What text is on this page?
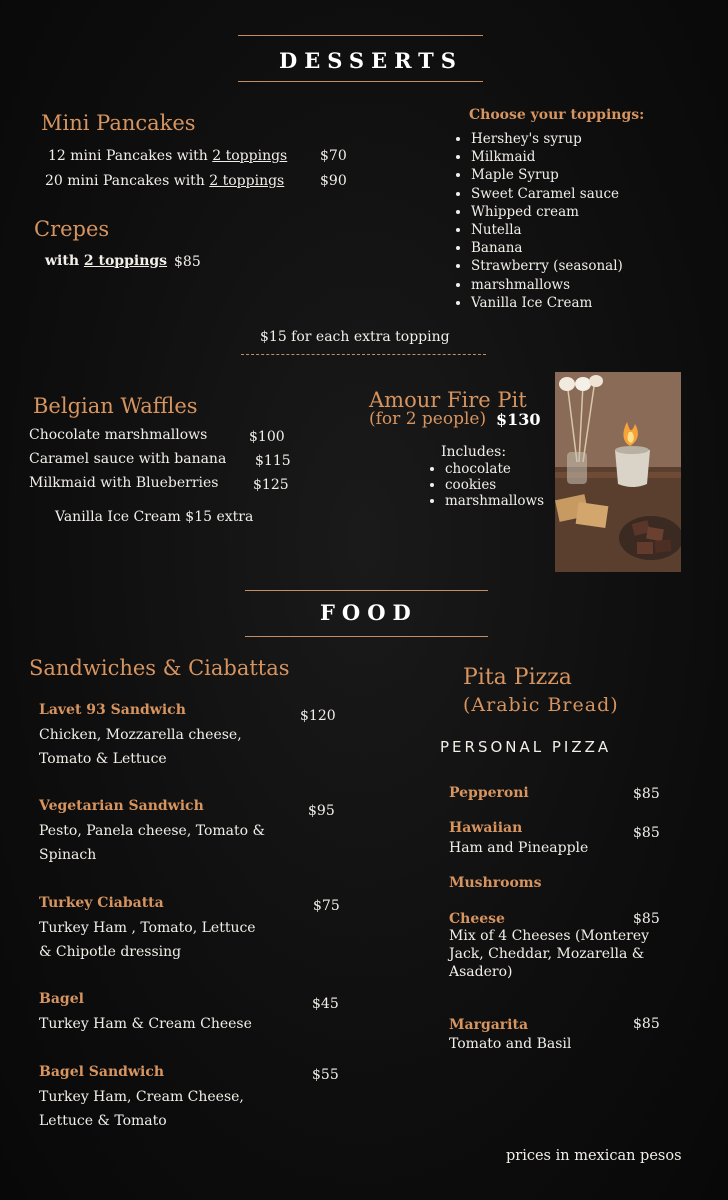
DESSERTS
Mini Pancakes
12 mini Pancakes with 2 toppings $70
20 mini Pancakes with 2 toppings	$90
Crepes
with 2 toppings $85
Choose your toppings:
• Hershey's syrup
• Milkmaid
• Maple Syrup
• Sweet Caramel sauce
• Whipped cream
• Nutella
• Banana
• Strawberry (seasonal)
• marshmallows
• Vanilla Ice Cream
$15 for each extra topping
Belgian Waffles
Chocolate marshmallows	$100
Caramel sauce with banana $115
Milkmaid with Blueberries $125
Vanilla Ice Cream $15 extra
Amour Fire Pit
(for 2 people) $130
Includes:
• chocolate
• cookies
• marshmallows
FOOD
Sandwiches & Ciabattas
Lavet 93 Sandwich	$120
Chicken, Mozzarella cheese, Tomato & Lettuce
Vegetarian Sandwich	$95
Pesto, Panela cheese, Tomato & Spinach
Turkey Ciabatta	$75
Turkey Ham , Tomato, Lettuce & Chipotle dressing
Bagel	$45
Turkey Ham & Cream Cheese
Bagel Sandwich	$55
Turkey Ham, Cream Cheese, Lettuce & Tomato
Pita Pizza
(Arabic Bread)
PERSONAL PIZZA
Pepperoni	$85
Hawaiian	$85
Ham and Pineapple
Mushrooms
Cheese	$85
Mix of 4 Cheeses (Monterey Jack, Cheddar, Mozarella & Asadero)
Margarita	$85
Tomato and Basil
prices in mexican pesos
